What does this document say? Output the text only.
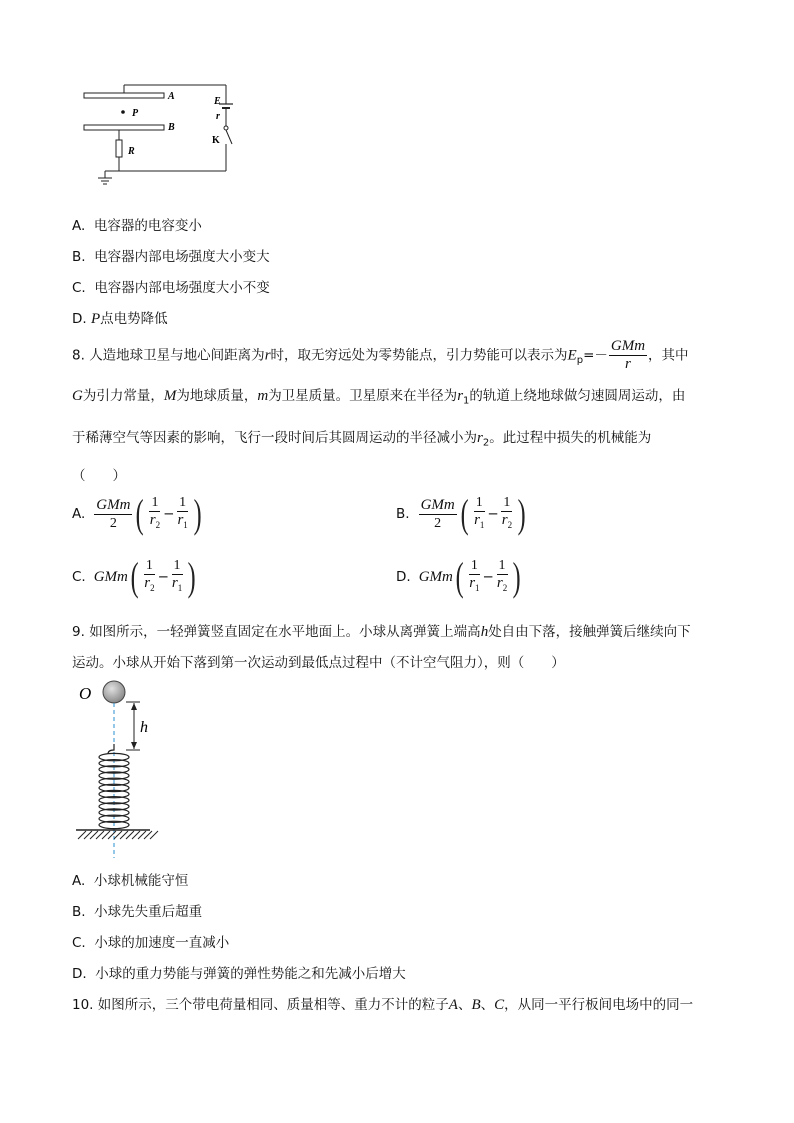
P
A
B
E
r
K
R
A. 电容器的电容变小
B. 电容器内部电场强度大小变大
C. 电容器内部电场强度大小不变
D. P点电势降低
8. 人造地球卫星与地心间距离为r时，取无穷远处为零势能点，引力势能可以表示为$E_p=- \frac{\text{GMm}}{r}$ ，其中
G为引力常量，M为地球质量，m为卫星质量。卫星原来在半径为$r_1$的轨道上绕地球做匀速圆周运动，由
于稀薄空气等因素的影响，飞行一段时间后其圆周运动的半径减小为$r_2$。此过程中损失的机械能为
（　　）
A. $\frac{\text{GMm}}{2}$ ( $\frac{1}{r_2} - \frac{1}{r_1}$ )	B. $\frac{\text{GMm}}{2}$ ( $\frac{1}{r_1} - \frac{1}{r_2}$ )
C. GMm ( $\frac{1}{r_2} - \frac{1}{r_1}$ )	D. GMm ( $\frac{1}{r_1} - \frac{1}{r_2}$ )
9. 如图所示，一轻弹簧竖直固定在水平地面上。小球从离弹簧上端高h处自由下落，接触弹簧后继续向下
运动。小球从开始下落到第一次运动到最低点过程中（不计空气阻力），则（　　）
O
h
A. 小球机械能守恒
B. 小球先失重后超重
C. 小球的加速度一直减小
D. 小球的重力势能与弹簧的弹性势能之和先减小后增大
10. 如图所示，三个带电荷量相同、质量相等、重力不计的粒子A、B、C，从同一平行板间电场中的同一
